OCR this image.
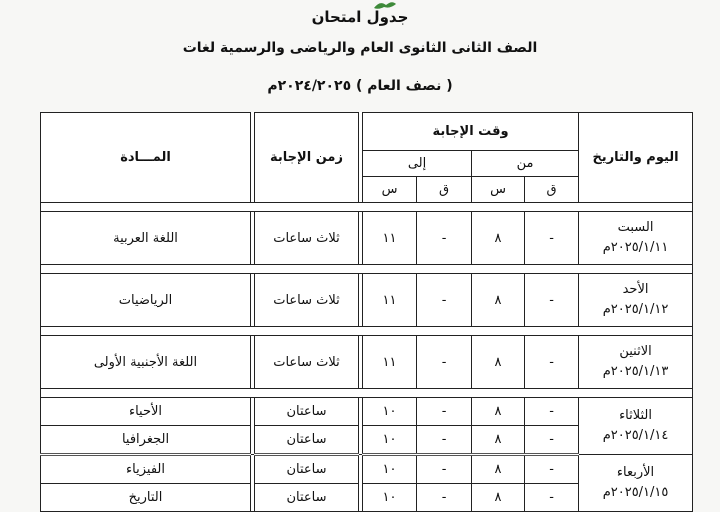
جدول امتحان
الصف الثانى الثانوى العام والرياضى والرسمية لغات
( نصف العام ) ٢٠٢٤/٢٠٢٥م
اليوم والتاريخ	وقت الإجابة					زمن الإجابة		المـــادة
	من		إلى					
	ق	س	ق	س				

السبت
٢٠٢٥/١/١١م	-	٨	-	١١		ثلاث ساعات		اللغة العربية

الأحد
٢٠٢٥/١/١٢م	-	٨	-	١١		ثلاث ساعات		الرياضيات

الاثنين
٢٠٢٥/١/١٣م	-	٨	-	١١		ثلاث ساعات		اللغة الأجنبية الأولى

الثلاثاء
٢٠٢٥/١/١٤م	-	٨	-	١٠		ساعتان		الأحياء
	-	٨	-	١٠		ساعتان		الجغرافيا

الأربعاء
٢٠٢٥/١/١٥م	-	٨	-	١٠		ساعتان		الفيزياء
	-	٨	-	١٠		ساعتان		التاريخ
